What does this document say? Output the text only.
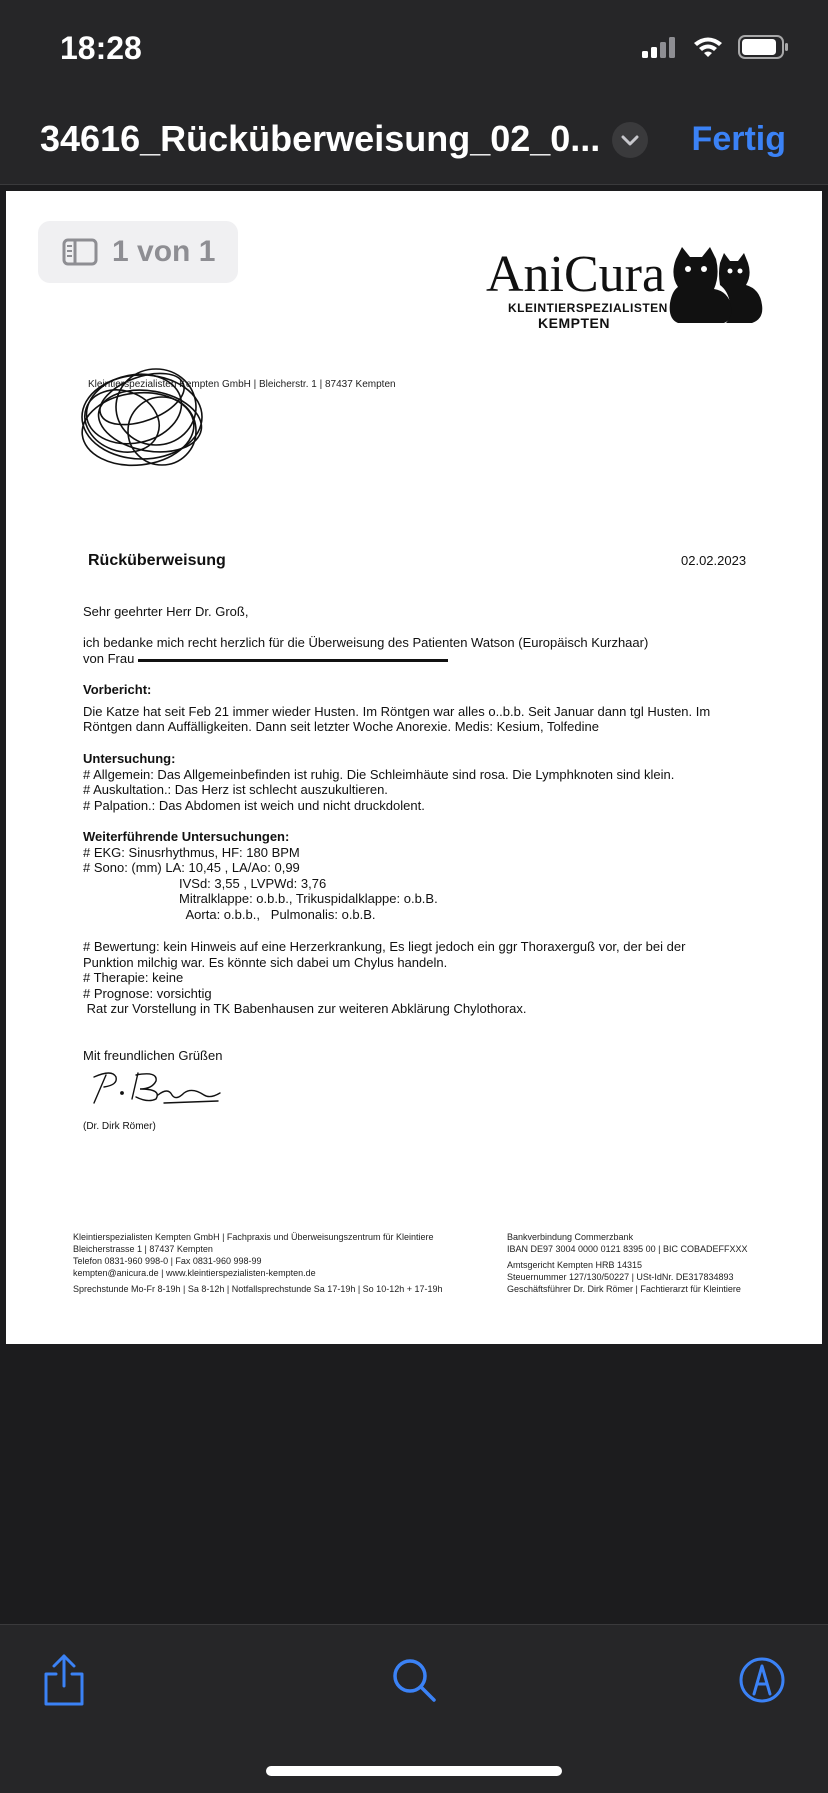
18:28
34616_Rücküberweisung_02_0...	Fertig
1 von 1	AniCura
KLEINTIERSPEZIALISTEN
KEMPTEN
Kleintierspezialisten Kempten GmbH | Bleicherstr. 1 | 87437 Kempten
Rücküberweisung	02.02.2023
Sehr geehrter Herr Dr. Groß,
ich bedanke mich recht herzlich für die Überweisung des Patienten Watson (Europäisch Kurzhaar)
von Frau
Vorbericht:
Die Katze hat seit Feb 21 immer wieder Husten. Im Röntgen war alles o..b.b. Seit Januar dann tgl Husten. Im
Röntgen dann Auffälligkeiten. Dann seit letzter Woche Anorexie. Medis: Kesium, Tolfedine
Untersuchung:
# Allgemein: Das Allgemeinbefinden ist ruhig. Die Schleimhäute sind rosa. Die Lymphknoten sind klein.
# Auskultation.: Das Herz ist schlecht auszukultieren.
# Palpation.: Das Abdomen ist weich und nicht druckdolent.
Weiterführende Untersuchungen:
# EKG: Sinusrhythmus, HF: 180 BPM
# Sono: (mm) LA: 10,45 , LA/Ao: 0,99
IVSd: 3,55 , LVPWd: 3,76
Mitralklappe: o.b.b., Trikuspidalklappe: o.b.B.
Aorta: o.b.b.,   Pulmonalis: o.b.B.
# Bewertung: kein Hinweis auf eine Herzerkrankung, Es liegt jedoch ein ggr Thoraxerguß vor, der bei der
Punktion milchig war. Es könnte sich dabei um Chylus handeln.
# Therapie: keine
# Prognose: vorsichtig
Rat zur Vorstellung in TK Babenhausen zur weiteren Abklärung Chylothorax.
Mit freundlichen Grüßen
(Dr. Dirk Römer)
Kleintierspezialisten Kempten GmbH | Fachpraxis und Überweisungszentrum für Kleintiere
Bleicherstrasse 1 | 87437 Kempten
Telefon 0831-960 998-0 | Fax 0831-960 998-99
kempten@anicura.de | www.kleintierspezialisten-kempten.de
Sprechstunde Mo-Fr 8-19h | Sa 8-12h | Notfallsprechstunde Sa 17-19h | So 10-12h + 17-19h
Bankverbindung Commerzbank
IBAN DE97 3004 0000 0121 8395 00 | BIC COBADEFFXXX
Amtsgericht Kempten HRB 14315
Steuernummer 127/130/50227 | USt-IdNr. DE317834893
Geschäftsführer Dr. Dirk Römer | Fachtierarzt für Kleintiere
